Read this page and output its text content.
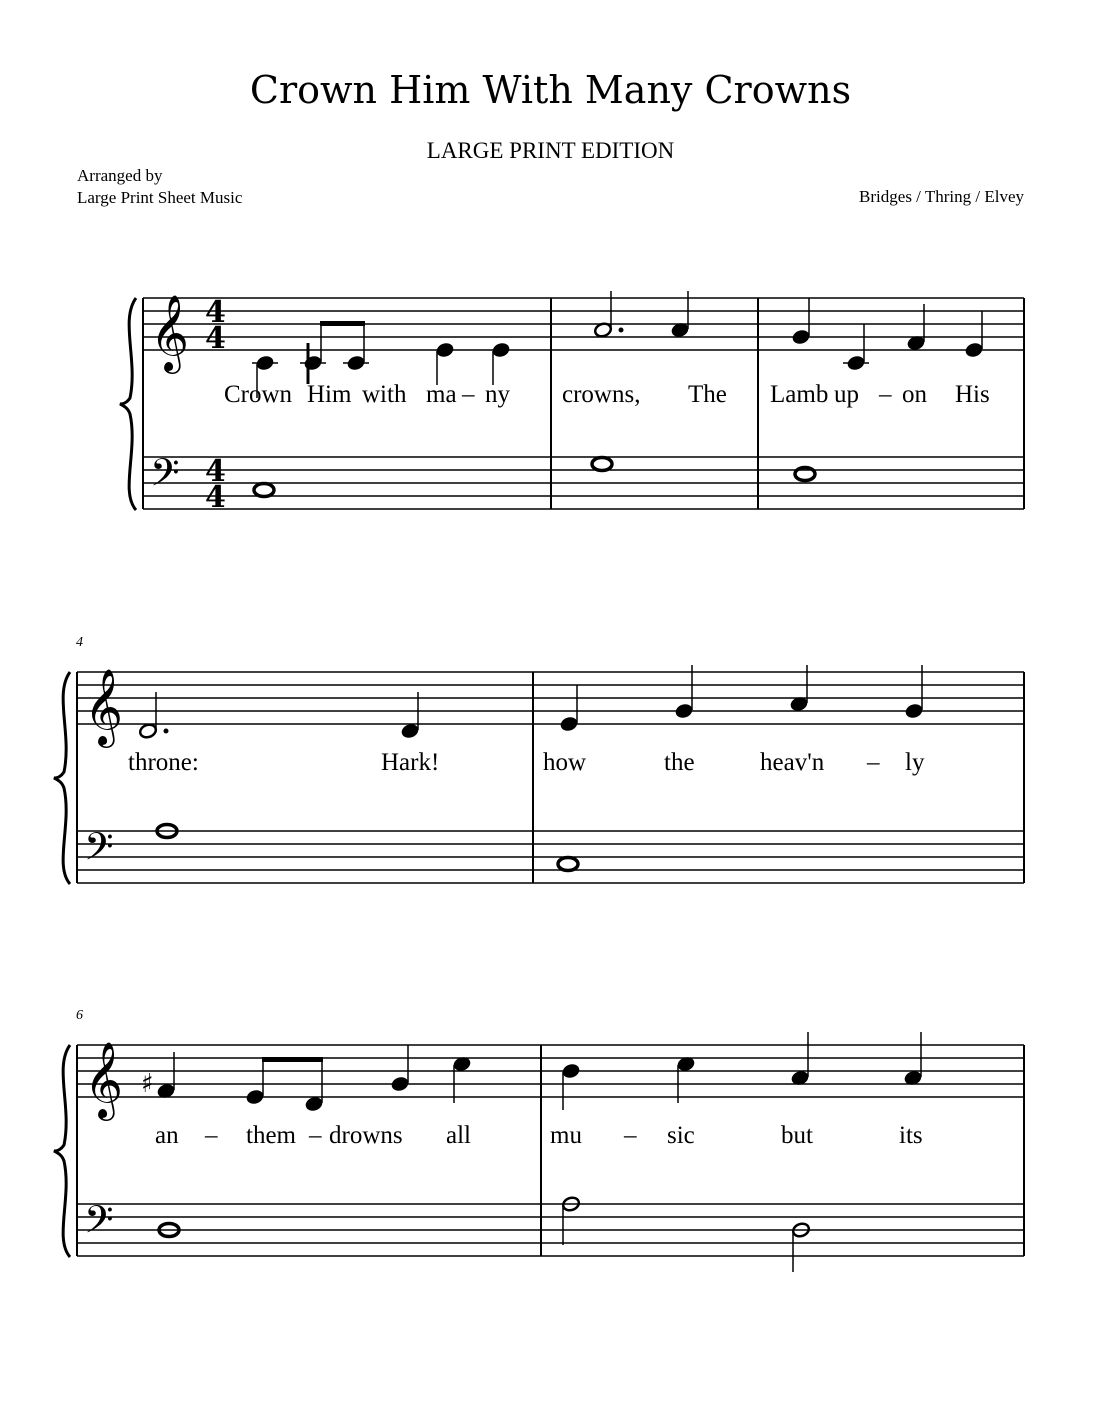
Crown Him With Many Crowns
LARGE PRINT EDITION
Arranged by
Large Print Sheet Music	Bridges / Thring / Elvey
𝄞
𝄢
𝄞
𝄢
𝄞
𝄢
4
4
4
4
4
6
♯
Crown Him with ma – ny crowns, The Lamb up – on His
throne:	Hark!	how	the	heav'n – ly
an – them – drowns all	mu – sic	but	its
